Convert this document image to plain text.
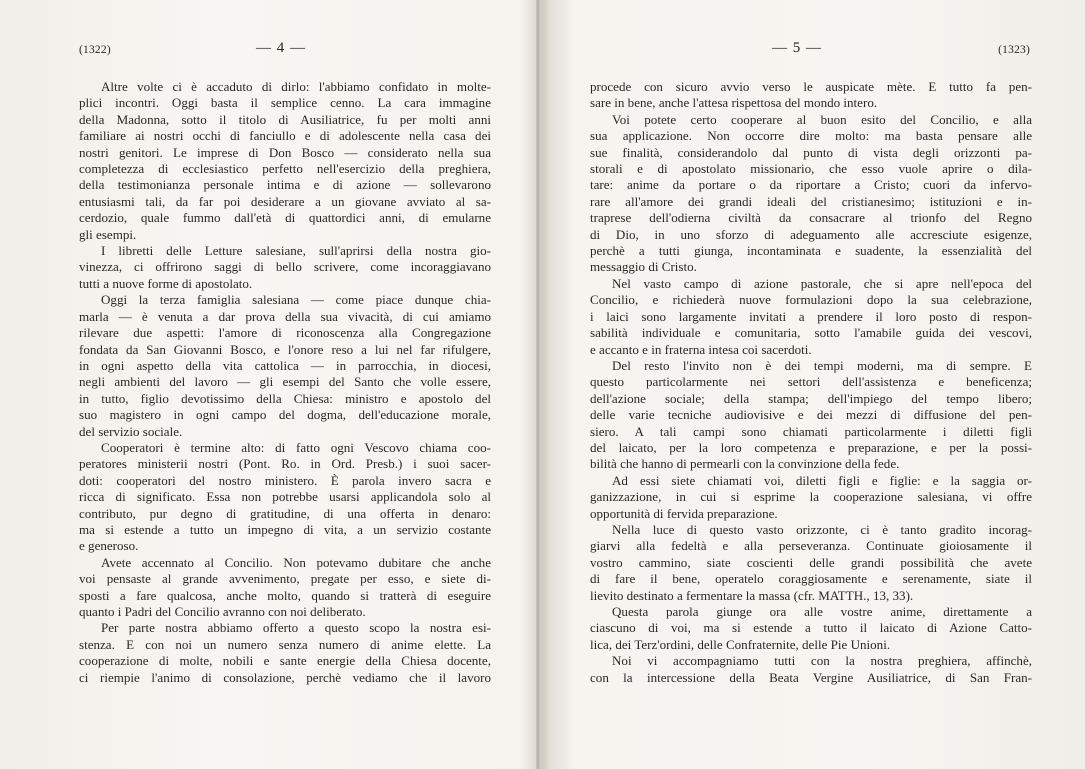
(1322)	— 4 —
Altre volte ci è accaduto di dirlo: l'abbiamo confidato in molte-
plici incontri. Oggi basta il semplice cenno. La cara immagine
della Madonna, sotto il titolo di Ausiliatrice, fu per molti anni
familiare ai nostri occhi di fanciullo e di adolescente nella casa dei
nostri genitori. Le imprese di Don Bosco — considerato nella sua
completezza di ecclesiastico perfetto nell'esercizio della preghiera,
della testimonianza personale intima e di azione — sollevarono
entusiasmi tali, da far poi desiderare a un giovane avviato al sa-
cerdozio, quale fummo dall'età di quattordici anni, di emularne
gli esempi.
I libretti delle Letture salesiane, sull'aprirsi della nostra gio-
vinezza, ci offrirono saggi di bello scrivere, come incoraggiavano
tutti a nuove forme di apostolato.
Oggi la terza famiglia salesiana — come piace dunque chia-
marla — è venuta a dar prova della sua vivacità, di cui amiamo
rilevare due aspetti: l'amore di riconoscenza alla Congregazione
fondata da San Giovanni Bosco, e l'onore reso a lui nel far rifulgere,
in ogni aspetto della vita cattolica — in parrocchia, in diocesi,
negli ambienti del lavoro — gli esempi del Santo che volle essere,
in tutto, figlio devotissimo della Chiesa: ministro e apostolo del
suo magistero in ogni campo del dogma, dell'educazione morale,
del servizio sociale.
Cooperatori è termine alto: di fatto ogni Vescovo chiama coo-
peratores ministerii nostri (Pont. Ro. in Ord. Presb.) i suoi sacer-
doti: cooperatori del nostro ministero. È parola invero sacra e
ricca di significato. Essa non potrebbe usarsi applicandola solo al
contributo, pur degno di gratitudine, di una offerta in denaro:
ma si estende a tutto un impegno di vita, a un servizio costante
e generoso.
Avete accennato al Concilio. Non potevamo dubitare che anche
voi pensaste al grande avvenimento, pregate per esso, e siete di-
sposti a fare qualcosa, anche molto, quando si tratterà di eseguire
quanto i Padri del Concilio avranno con noi deliberato.
Per parte nostra abbiamo offerto a questo scopo la nostra esi-
stenza. E con noi un numero senza numero di anime elette. La
cooperazione di molte, nobili e sante energie della Chiesa docente,
ci riempie l'animo di consolazione, perchè vediamo che il lavoro
— 5 —	(1323)
procede con sicuro avvio verso le auspicate mète. E tutto fa pen-
sare in bene, anche l'attesa rispettosa del mondo intero.
Voi potete certo cooperare al buon esito del Concilio, e alla
sua applicazione. Non occorre dire molto: ma basta pensare alle
sue finalità, considerandolo dal punto di vista degli orizzonti pa-
storali e di apostolato missionario, che esso vuole aprire o dila-
tare: anime da portare o da riportare a Cristo; cuori da infervo-
rare all'amore dei grandi ideali del cristianesimo; istituzioni e in-
traprese dell'odierna civiltà da consacrare al trionfo del Regno
di Dio, in uno sforzo di adeguamento alle accresciute esigenze,
perchè a tutti giunga, incontaminata e suadente, la essenzialità del
messaggio di Cristo.
Nel vasto campo di azione pastorale, che si apre nell'epoca del
Concilio, e richiederà nuove formulazioni dopo la sua celebrazione,
i laici sono largamente invitati a prendere il loro posto di respon-
sabilità individuale e comunitaria, sotto l'amabile guida dei vescovi,
e accanto e in fraterna intesa coi sacerdoti.
Del resto l'invito non è dei tempi moderni, ma di sempre. E
questo particolarmente nei settori dell'assistenza e beneficenza;
dell'azione sociale; della stampa; dell'impiego del tempo libero;
delle varie tecniche audiovisive e dei mezzi di diffusione del pen-
siero. A tali campi sono chiamati particolarmente i diletti figli
del laicato, per la loro competenza e preparazione, e per la possi-
bilità che hanno di permearli con la convinzione della fede.
Ad essi siete chiamati voi, diletti figli e figlie: e la saggia or-
ganizzazione, in cui si esprime la cooperazione salesiana, vi offre
opportunità di fervida preparazione.
Nella luce di questo vasto orizzonte, ci è tanto gradito incorag-
giarvi alla fedeltà e alla perseveranza. Continuate gioiosamente il
vostro cammino, siate coscienti delle grandi possibilità che avete
di fare il bene, operatelo coraggiosamente e serenamente, siate il
lievito destinato a fermentare la massa (cfr. MATTH., 13, 33).
Questa parola giunge ora alle vostre anime, direttamente a
ciascuno di voi, ma si estende a tutto il laicato di Azione Catto-
lica, dei Terz'ordini, delle Confraternite, delle Pie Unioni.
Noi vi accompagniamo tutti con la nostra preghiera, affinchè,
con la intercessione della Beata Vergine Ausiliatrice, di San Fran-
